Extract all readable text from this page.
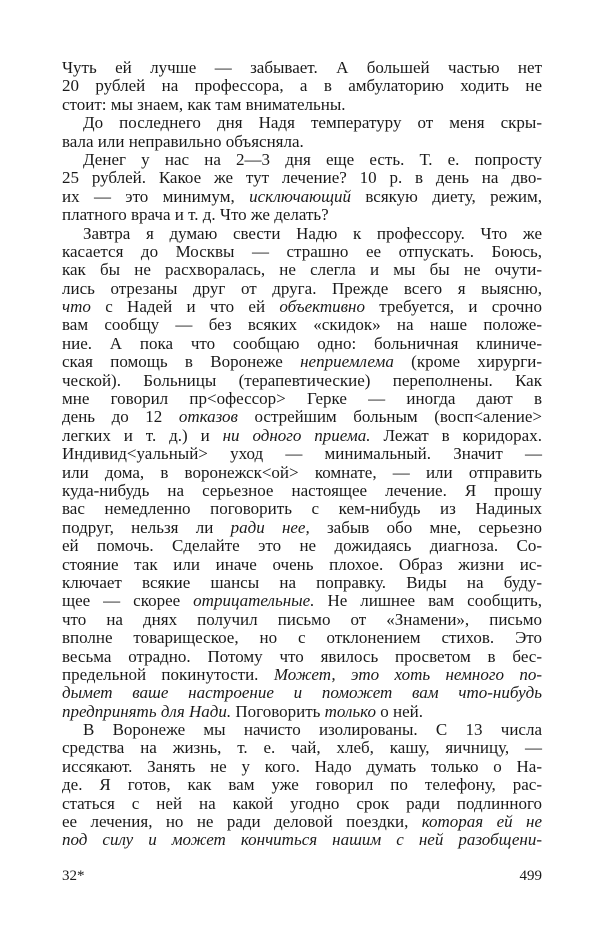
Чуть ей лучше — забывает. А большей частью нет
20 рублей на профессора, а в амбулаторию ходить не
стоит: мы знаем, как там внимательны.
До последнего дня Надя температуру от меня скры-
вала или неправильно объясняла.
Денег у нас на 2—3 дня еще есть. Т. е. попросту
25 рублей. Какое же тут лечение? 10 р. в день на дво-
их — это минимум, исключающий всякую диету, режим,
платного врача и т. д. Что же делать?
Завтра я думаю свести Надю к профессору. Что же
касается до Москвы — страшно ее отпускать. Боюсь,
как бы не расхворалась, не слегла и мы бы не очути-
лись отрезаны друг от друга. Прежде всего я выясню,
что с Надей и что ей объективно требуется, и срочно
вам сообщу — без всяких «скидок» на наше положе-
ние. А пока что сообщаю одно: больничная клиниче-
ская помощь в Воронеже неприемлема (кроме хирурги-
ческой). Больницы (терапевтические) переполнены. Как
мне говорил пр<офессор> Герке — иногда дают в
день до 12 отказов острейшим больным (восп<аление>
легких и т. д.) и ни одного приема. Лежат в коридорах.
Индивид<уальный> уход — минимальный. Значит —
или дома, в воронежск<ой> комнате, — или отправить
куда-нибудь на серьезное настоящее лечение. Я прошу
вас немедленно поговорить с кем-нибудь из Надиных
подруг, нельзя ли ради нее, забыв обо мне, серьезно
ей помочь. Сделайте это не дожидаясь диагноза. Со-
стояние так или иначе очень плохое. Образ жизни ис-
ключает всякие шансы на поправку. Виды на буду-
щее — скорее отрицательные. Не лишнее вам сообщить,
что на днях получил письмо от «Знамени», письмо
вполне товарищеское, но с отклонением стихов. Это
весьма отрадно. Потому что явилось просветом в бес-
предельной покинутости. Может, это хоть немного по-
дымет ваше настроение и поможет вам что-нибудь
предпринять для Нади. Поговорить только о ней.
В Воронеже мы начисто изолированы. С 13 числа
средства на жизнь, т. е. чай, хлеб, кашу, яичницу, —
иссякают. Занять не у кого. Надо думать только о На-
де. Я готов, как вам уже говорил по телефону, рас-
статься с ней на какой угодно срок ради подлинного
ее лечения, но не ради деловой поездки, которая ей не
под силу и может кончиться нашим с ней разобщени-
32*	499
